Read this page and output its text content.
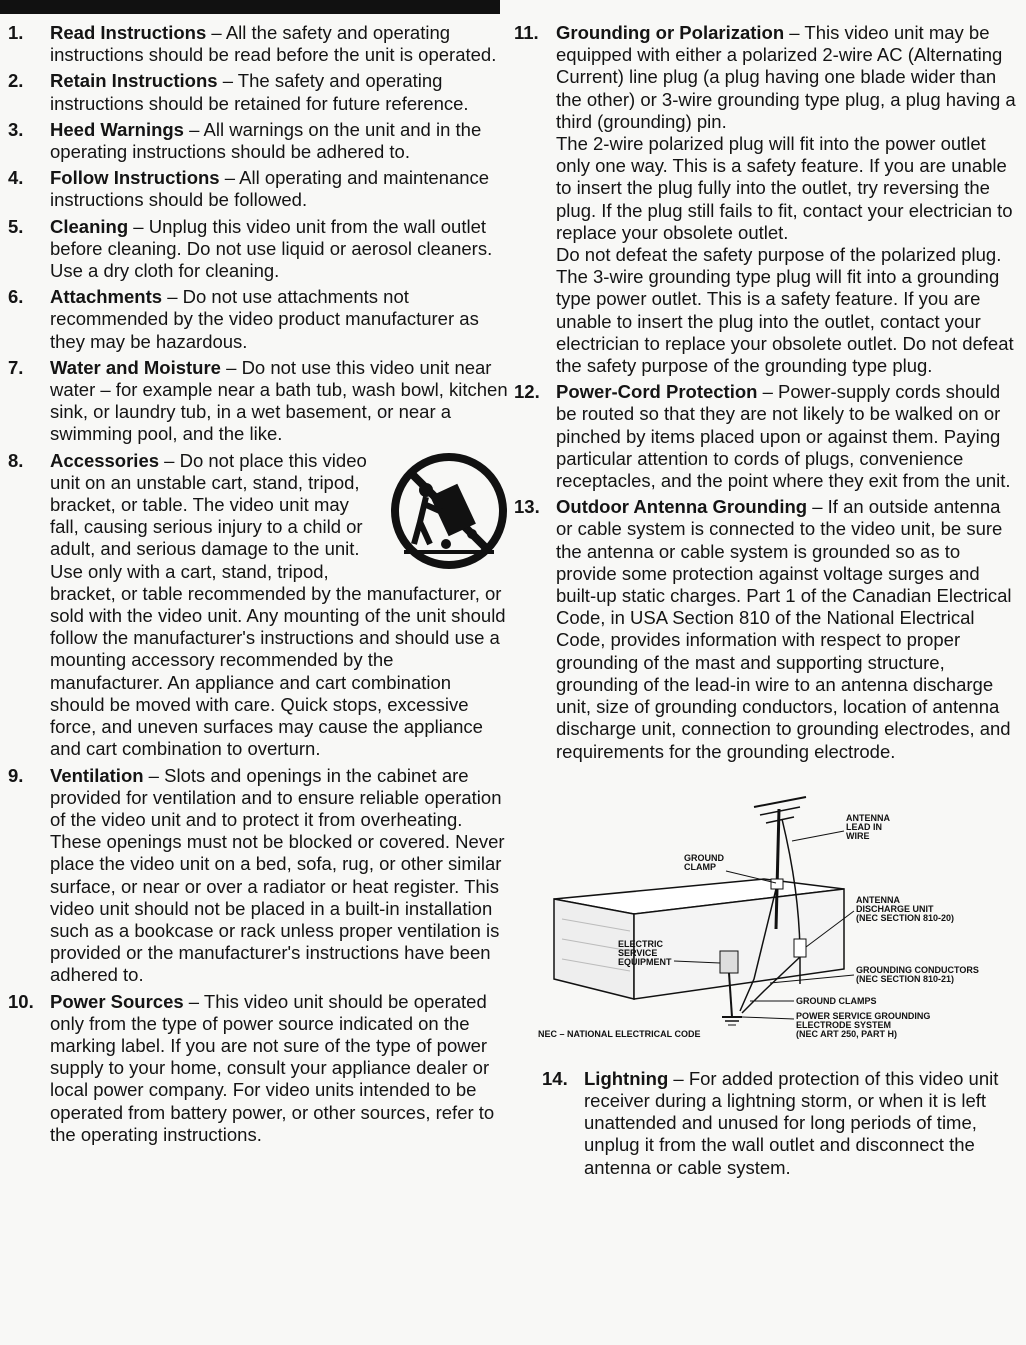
1.	Read Instructions – All the safety and operating instructions should be read before the unit is operated.
2.	Retain Instructions – The safety and operating instructions should be retained for future reference.
3.	Heed Warnings – All warnings on the unit and in the operating instructions should be adhered to.
4.	Follow Instructions – All operating and maintenance instructions should be followed.
5.	Cleaning – Unplug this video unit from the wall outlet before cleaning. Do not use liquid or aerosol cleaners. Use a dry cloth for cleaning.
6.	Attachments – Do not use attachments not recommended by the video product manufacturer as they may be hazardous.
7.	Water and Moisture – Do not use this video unit near water – for example near a bath tub, wash bowl, kitchen sink, or laundry tub, in a wet basement, or near a swimming pool, and the like.
8.	Accessories – Do not place this video unit on an unstable cart, stand, tripod, bracket, or table. The video unit may fall, causing serious injury to a child or adult, and serious damage to the unit. Use only with a cart, stand, tripod, bracket, or table recommended by the manufacturer, or sold with the video unit. Any mounting of the unit should follow the manufacturer's instructions and should use a mounting accessory recommended by the manufacturer. An appliance and cart combination should be moved with care. Quick stops, excessive force, and uneven surfaces may cause the appliance and cart combination to overturn.
9.	Ventilation – Slots and openings in the cabinet are provided for ventilation and to ensure reliable operation of the video unit and to protect it from overheating. These openings must not be blocked or covered. Never place the video unit on a bed, sofa, rug, or other similar surface, or near or over a radiator or heat register. This video unit should not be placed in a built-in installation such as a bookcase or rack unless proper ventilation is provided or the manufacturer's instructions have been adhered to.
10. Power Sources – This video unit should be operated only from the type of power source indicated on the marking label. If you are not sure of the type of power supply to your home, consult your appliance dealer or local power company. For video units intended to be operated from battery power, or other sources, refer to the operating instructions.
11. Grounding or Polarization – This video unit may be equipped with either a polarized 2-wire AC (Alternating Current) line plug (a plug having one blade wider than the other) or 3-wire grounding type plug, a plug having a third (grounding) pin.

The 2-wire polarized plug will fit into the power outlet only one way. This is a safety feature. If you are unable to insert the plug fully into the outlet, try reversing the plug. If the plug still fails to fit, contact your electrician to replace your obsolete outlet.

Do not defeat the safety purpose of the polarized plug.

The 3-wire grounding type plug will fit into a grounding type power outlet. This is a safety feature. If you are unable to insert the plug into the outlet, contact your electrician to replace your obsolete outlet. Do not defeat the safety purpose of the grounding type plug.

12. Power-Cord Protection – Power-supply cords should be routed so that they are not likely to be walked on or pinched by items placed upon or against them. Paying particular attention to cords of plugs, convenience receptacles, and the point where they exit from the unit.
13. Outdoor Antenna Grounding – If an outside antenna or cable system is connected to the video unit, be sure the antenna or cable system is grounded so as to provide some protection against voltage surges and built-up static charges. Part 1 of the Canadian Electrical Code, in USA Section 810 of the National Electrical Code, provides information with respect to proper grounding of the mast and supporting structure, grounding of the lead-in wire to an antenna discharge unit, size of grounding conductors, location of antenna discharge unit, connection to grounding electrodes, and requirements for the grounding electrode.
ANTENNA
LEAD IN
WIRE
GROUND
CLAMP
ANTENNA
DISCHARGE UNIT
(NEC SECTION 810-20)
ELECTRIC
SERVICE
EQUIPMENT
GROUNDING CONDUCTORS
(NEC SECTION 810-21)
GROUND CLAMPS
POWER SERVICE GROUNDING
ELECTRODE SYSTEM
(NEC ART 250, PART H)
NEC – NATIONAL ELECTRICAL CODE
14. Lightning – For added protection of this video unit receiver during a lightning storm, or when it is left unattended and unused for long periods of time, unplug it from the wall outlet and disconnect the antenna or cable system.
